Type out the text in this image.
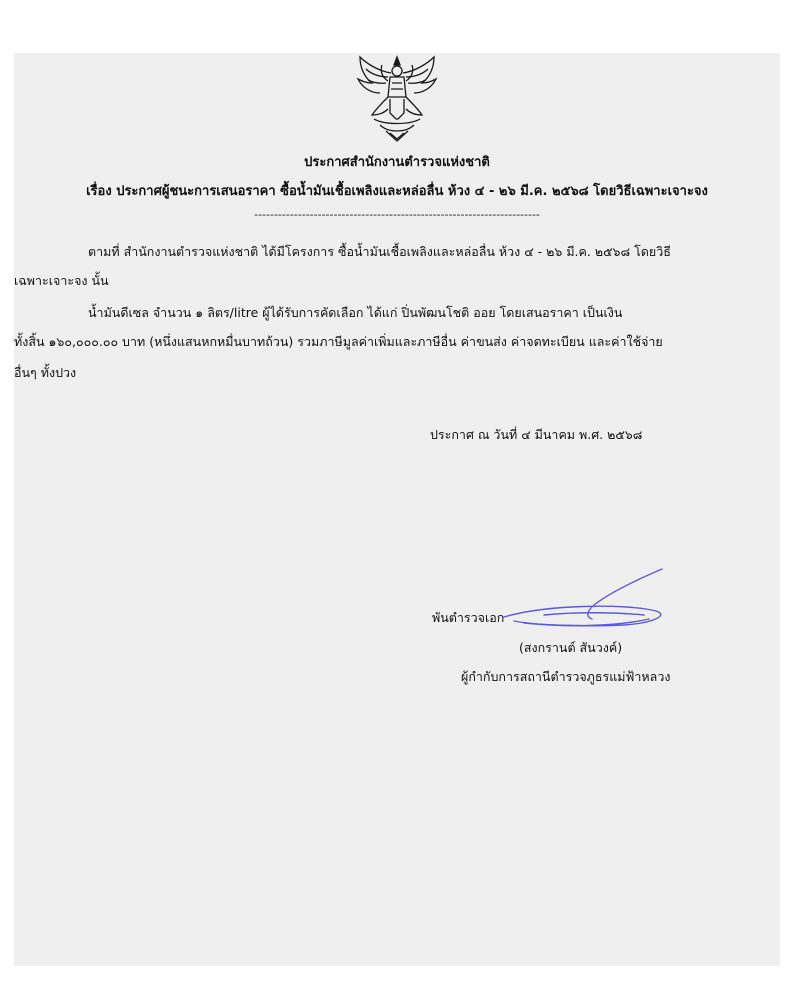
ประกาศสำนักงานตำรวจแห่งชาติ
เรื่อง ประกาศผู้ชนะการเสนอราคา ซื้อน้ำมันเชื้อเพลิงและหล่อลื่น ห้วง ๔ - ๒๖ มี.ค. ๒๕๖๘ โดยวิธีเฉพาะเจาะจง
------------------------------------------------------------------------
ตามที่ สำนักงานตำรวจแห่งชาติ ได้มีโครงการ ซื้อน้ำมันเชื้อเพลิงและหล่อลื่น ห้วง ๔ - ๒๖ มี.ค. ๒๕๖๘ โดยวิธี
เฉพาะเจาะจง นั้น
น้ำมันดีเซล จำนวน ๑ ลิตร/litre ผู้ได้รับการคัดเลือก ได้แก่ ปิ่นพัฒนโชติ ออย โดยเสนอราคา เป็นเงิน
ทั้งสิ้น ๑๖๐,๐๐๐.๐๐ บาท (หนึ่งแสนหกหมื่นบาทถ้วน) รวมภาษีมูลค่าเพิ่มและภาษีอื่น ค่าขนส่ง ค่าจดทะเบียน และค่าใช้จ่าย
อื่นๆ ทั้งปวง
ประกาศ ณ วันที่ ๔ มีนาคม พ.ศ. ๒๕๖๘
พันตำรวจเอก
(สงกรานต์ สันวงค์)
ผู้กำกับการสถานีตำรวจภูธรแม่ฟ้าหลวง
